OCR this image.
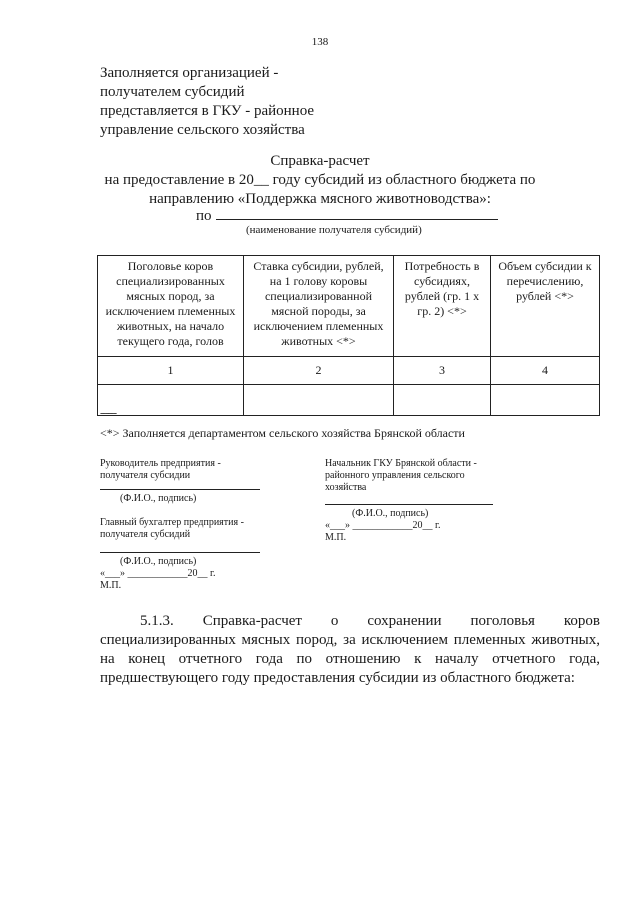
138
Заполняется организацией -
получателем субсидий
представляется в ГКУ - районное
управление сельского хозяйства
Справка-расчет
на предоставление в 20__ году субсидий из областного бюджета по
направлению «Поддержка мясного животноводства»:
по
(наименование получателя субсидий)
Поголовье коров специализированных мясных пород, за исключением племенных животных, на начало текущего года, голов	Ставка субсидии, рублей, на 1 голову коровы специализированной мясной породы, за исключением племенных животных <*>	Потребность в субсидиях, рублей (гр. 1 х гр. 2) <*>	Объем субсидии к перечислению, рублей <*>
1	2	3	4

------
<*> Заполняется департаментом сельского хозяйства Брянской области
Руководитель предприятия -
получателя субсидии
(Ф.И.О., подпись)
Главный бухгалтер предприятия -
получателя субсидий
(Ф.И.О., подпись)
«___» ____________20__ г.
М.П.
Начальник ГКУ Брянской области -
районного управления сельского
хозяйства
(Ф.И.О., подпись)
«___» ____________20__ г.
М.П.
5.1.3. Справка-расчет о сохранении поголовья коров
специализированных мясных пород, за исключением племенных животных,
на конец отчетного года по отношению к началу отчетного года,
предшествующего году предоставления субсидии из областного бюджета:
